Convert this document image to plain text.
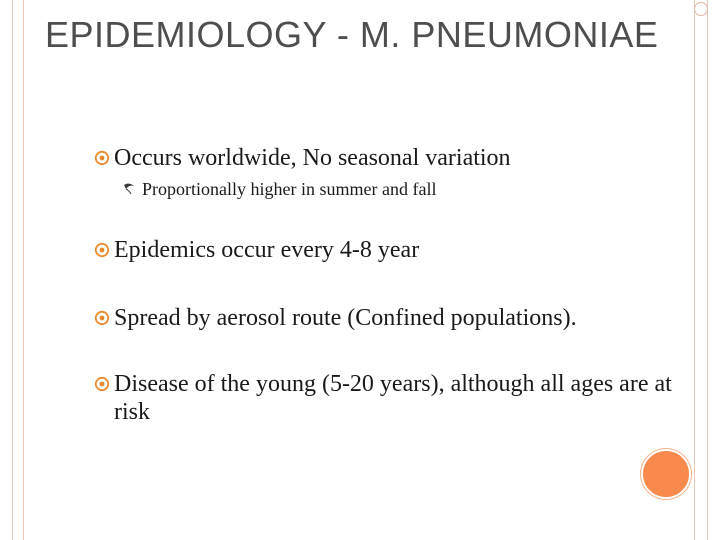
EPIDEMIOLOGY - M. PNEUMONIAE
Occurs worldwide, No seasonal variation
Proportionally higher in summer and fall
Epidemics occur every 4-8 year
Spread by aerosol route (Confined populations).
Disease of the young (5-20 years), although all ages are at risk
